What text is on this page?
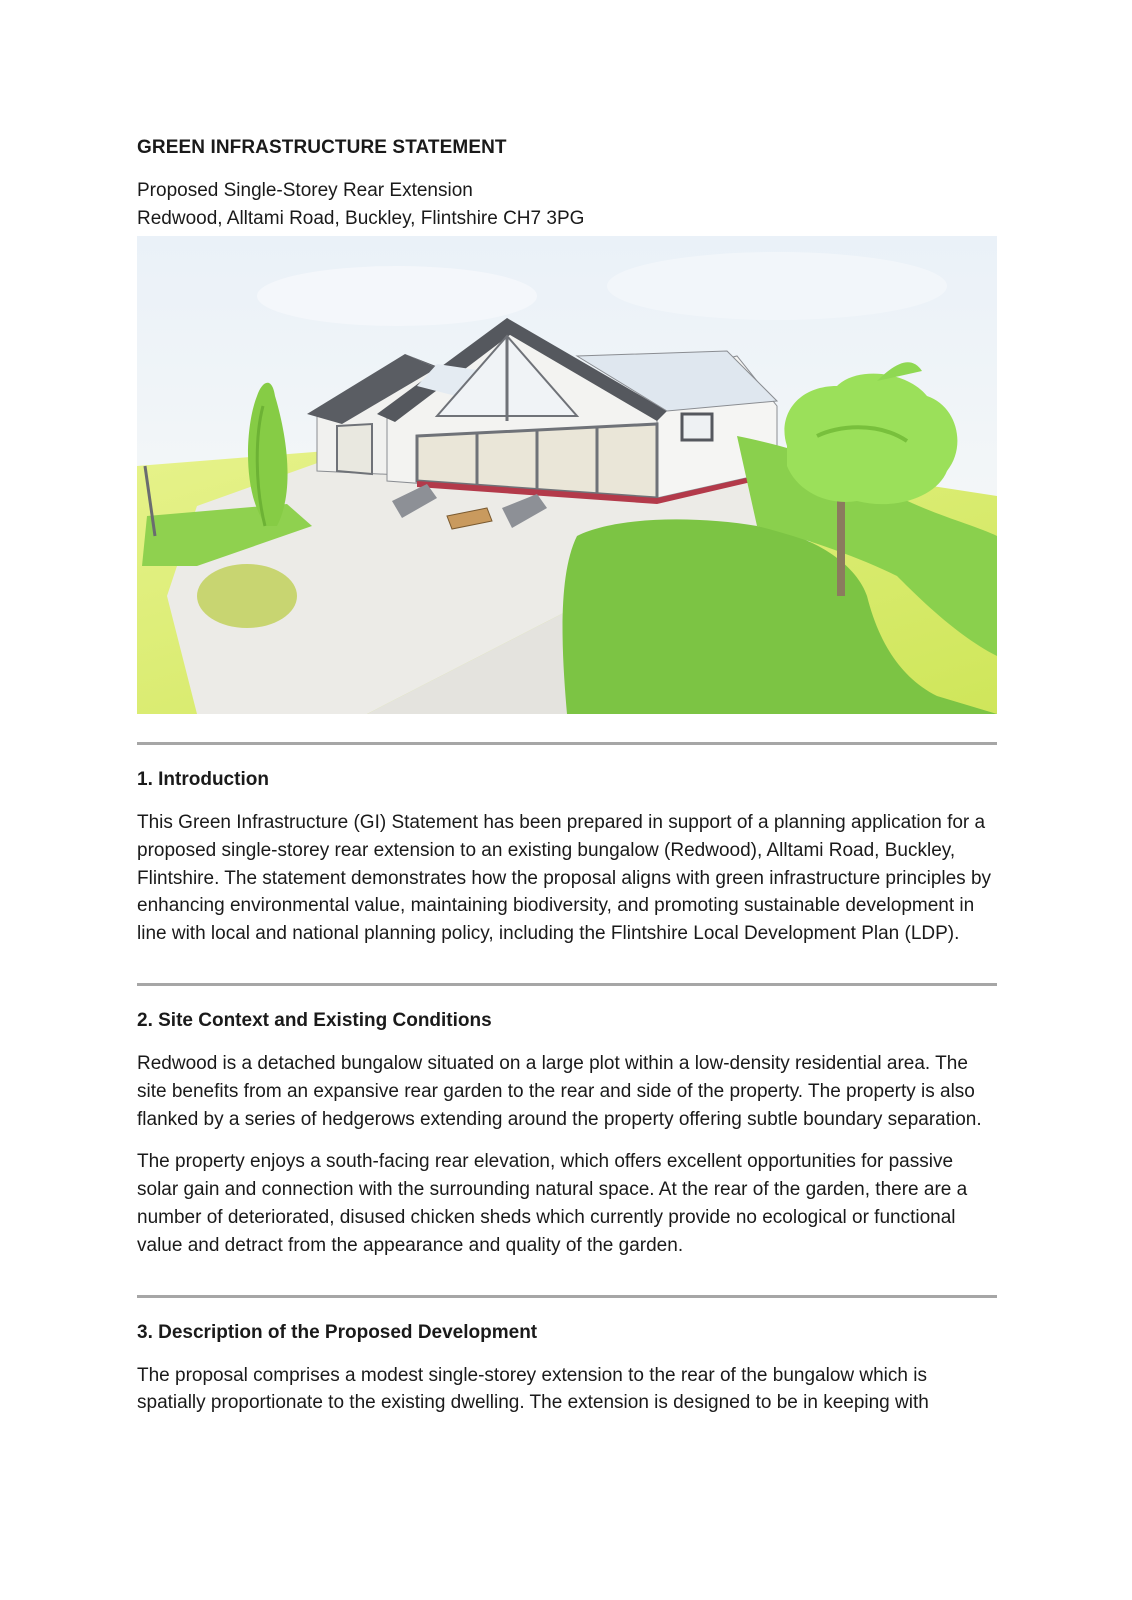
GREEN INFRASTRUCTURE STATEMENT
Proposed Single-Storey Rear Extension
Redwood, Alltami Road, Buckley, Flintshire CH7 3PG
1. Introduction

This Green Infrastructure (GI) Statement has been prepared in support of a planning application for a proposed single-storey rear extension to an existing bungalow (Redwood), Alltami Road, Buckley, Flintshire. The statement demonstrates how the proposal aligns with green infrastructure principles by enhancing environmental value, maintaining biodiversity, and promoting sustainable development in line with local and national planning policy, including the Flintshire Local Development Plan (LDP).

2. Site Context and Existing Conditions

Redwood is a detached bungalow situated on a large plot within a low-density residential area. The site benefits from an expansive rear garden to the rear and side of the property. The property is also flanked by a series of hedgerows extending around the property offering subtle boundary separation.

The property enjoys a south-facing rear elevation, which offers excellent opportunities for passive solar gain and connection with the surrounding natural space. At the rear of the garden, there are a number of deteriorated, disused chicken sheds which currently provide no ecological or functional value and detract from the appearance and quality of the garden.

3. Description of the Proposed Development

The proposal comprises a modest single-storey extension to the rear of the bungalow which is spatially proportionate to the existing dwelling. The extension is designed to be in keeping with
